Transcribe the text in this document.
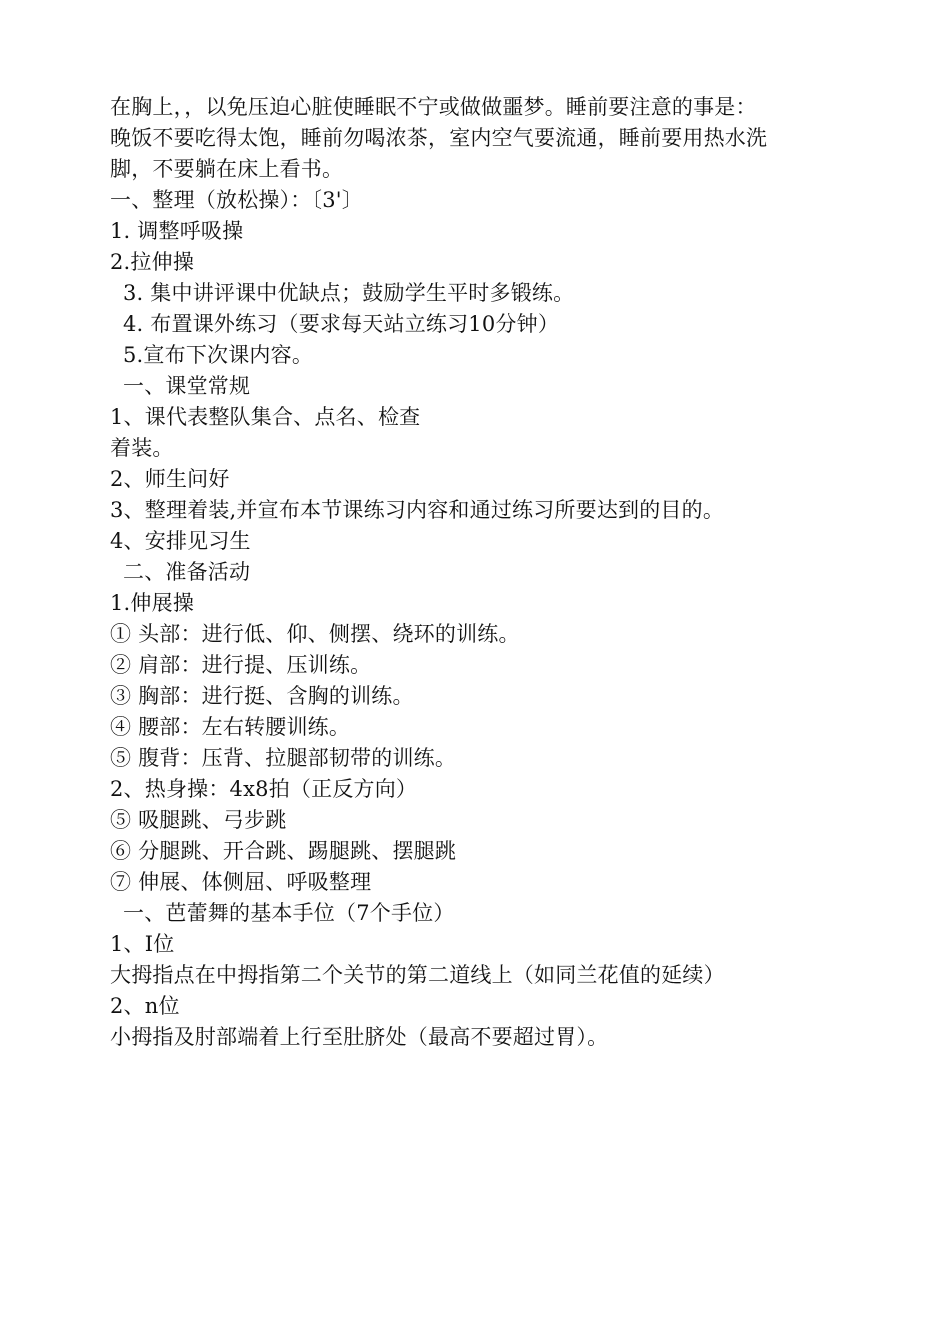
在胸上，，以免压迫心脏使睡眠不宁或做做噩梦。睡前要注意的事是：
晚饭不要吃得太饱，睡前勿喝浓茶，室内空气要流通，睡前要用热水洗
脚，不要躺在床上看书。
一、整理（放松操）：〔3'〕
1. 调整呼吸操
2.拉伸操
3. 集中讲评课中优缺点；鼓励学生平时多锻练。
4. 布置课外练习（要求每天站立练习10分钟）
5.宣布下次课内容。
一、课堂常规
1、课代表整队集合、点名、检查
着装。
2、师生问好
3、整理着装,并宣布本节课练习内容和通过练习所要达到的目的。
4、安排见习生
二、准备活动
1.伸展操
① 头部：进行低、仰、侧摆、绕环的训练。
② 肩部：进行提、压训练。
③ 胸部：进行挺、含胸的训练。
④ 腰部：左右转腰训练。
⑤ 腹背：压背、拉腿部韧带的训练。
2、热身操：4x8拍（正反方向）
⑤ 吸腿跳、弓步跳
⑥ 分腿跳、开合跳、踢腿跳、摆腿跳
⑦ 伸展、体侧屈、呼吸整理
一、芭蕾舞的基本手位（7个手位）
1、I位
大拇指点在中拇指第二个关节的第二道线上（如同兰花值的延续）
2、n位
小拇指及肘部端着上行至肚脐处（最高不要超过胃）。
